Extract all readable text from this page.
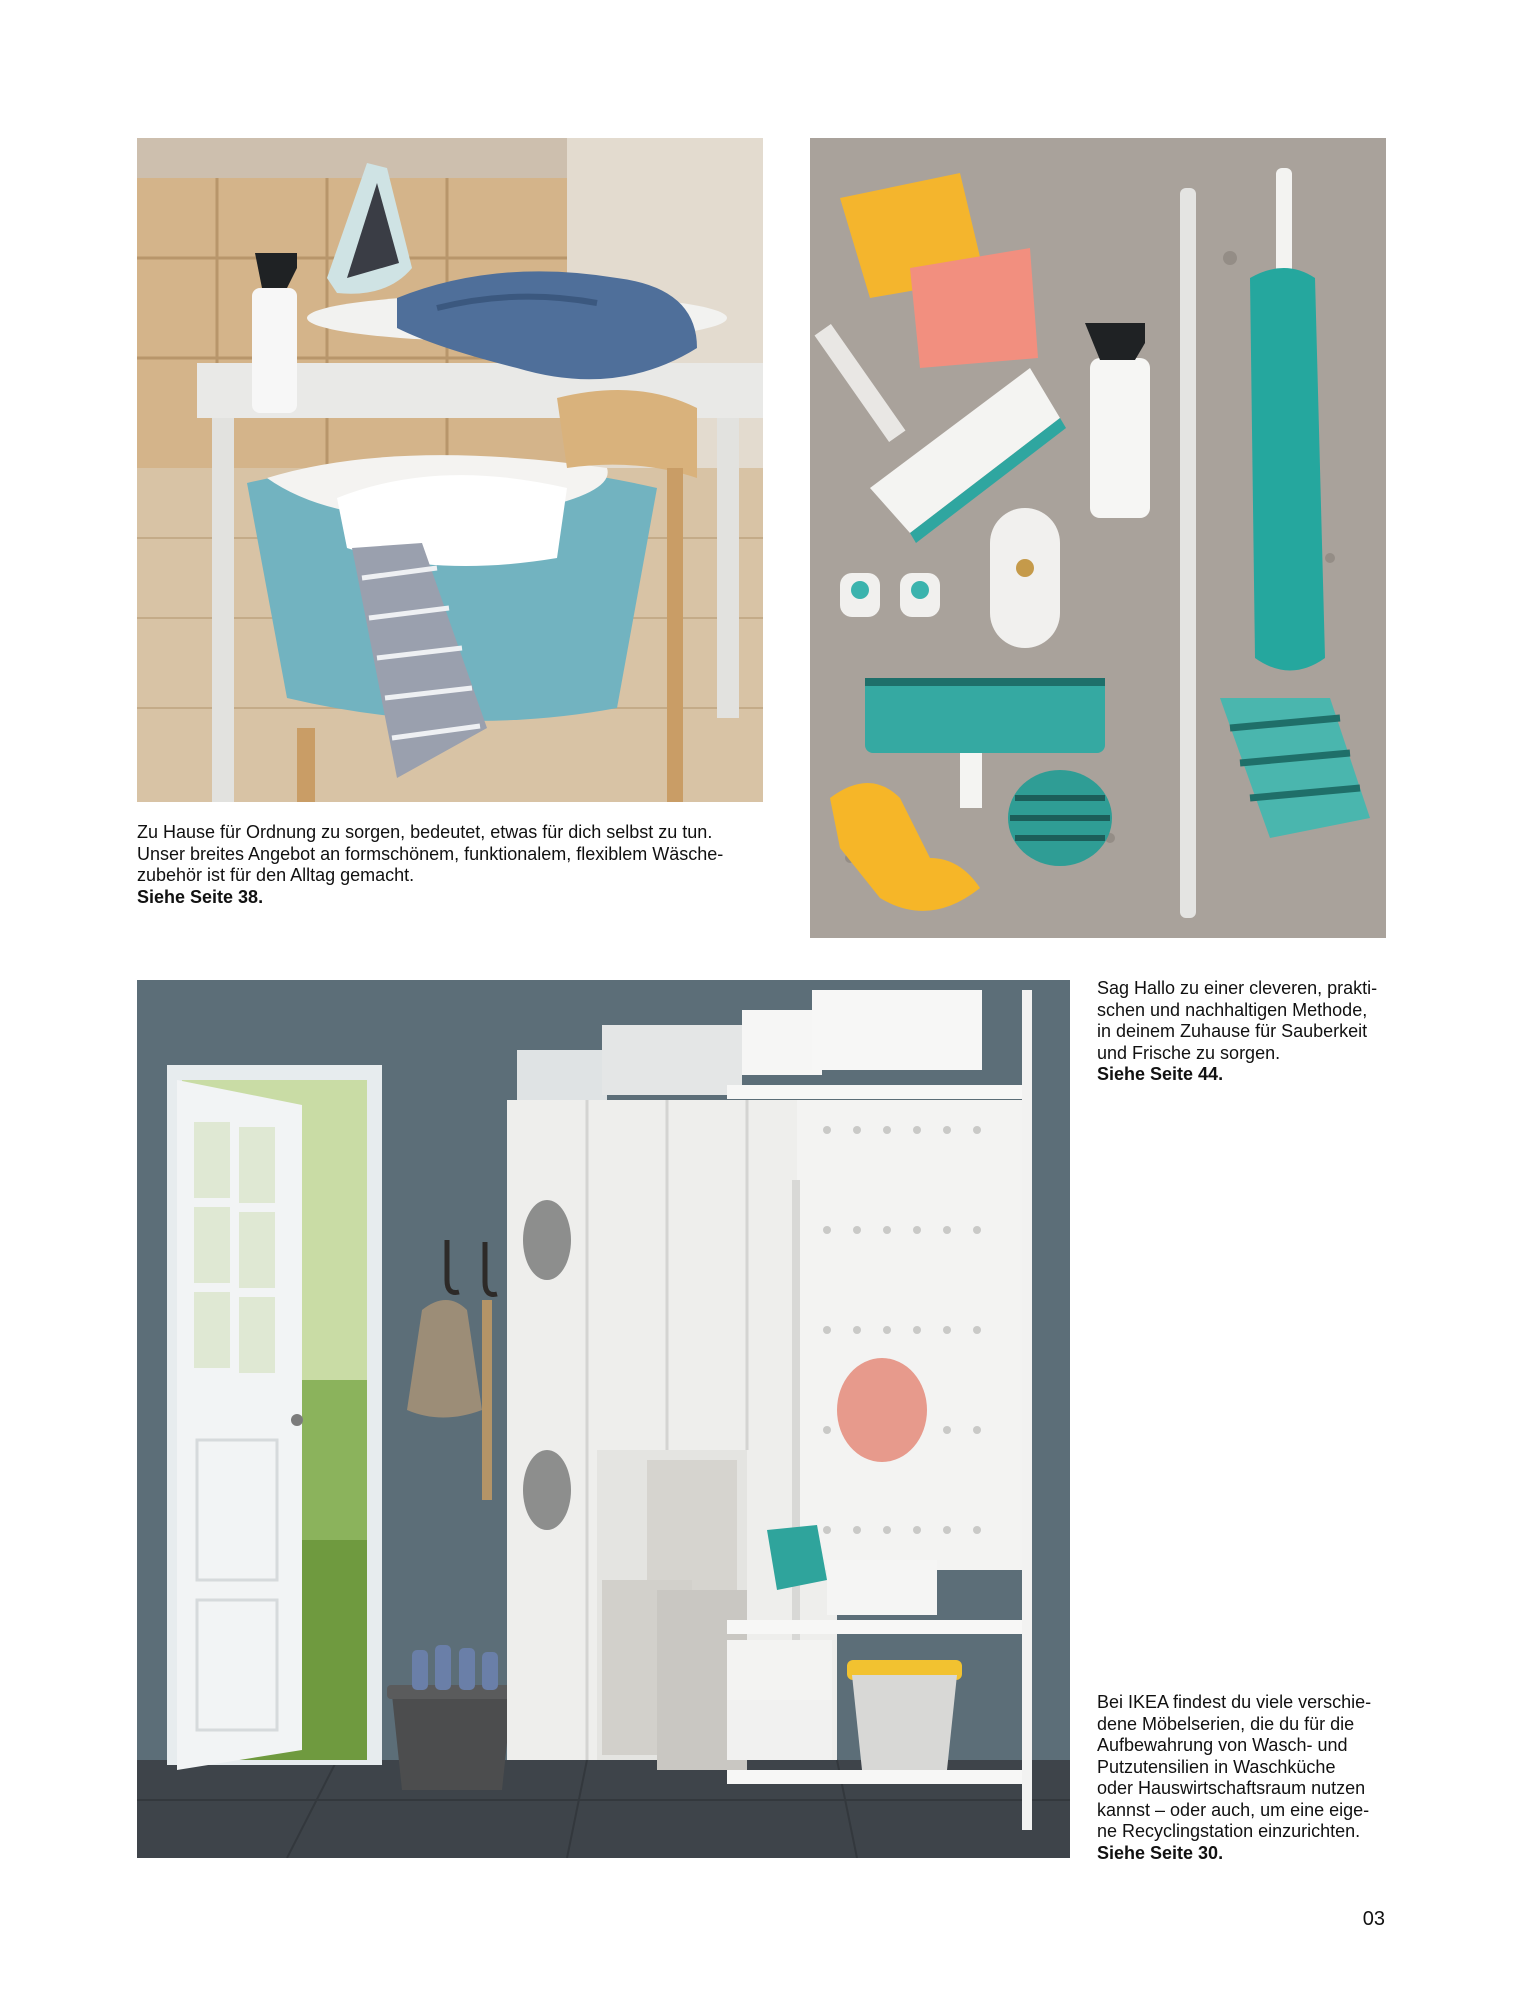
Zu Hause für Ordnung zu sorgen, bedeutet, etwas für dich selbst zu tun.

Unser breites Angebot an formschönem, funktionalem, flexiblem Wäsche-

zubehör ist für den Alltag gemacht.

Siehe Seite 38.

Sag Hallo zu einer cleveren, prakti-

schen und nachhaltigen Methode,

in deinem Zuhause für Sauberkeit

und Frische zu sorgen.

Siehe Seite 44.

Bei IKEA findest du viele verschie-

dene Möbelserien, die du für die

Aufbewahrung von Wasch- und

Putzutensilien in Waschküche

oder Hauswirtschaftsraum nutzen

kannst – oder auch, um eine eige-

ne Recyclingstation einzurichten.

Siehe Seite 30.

03
